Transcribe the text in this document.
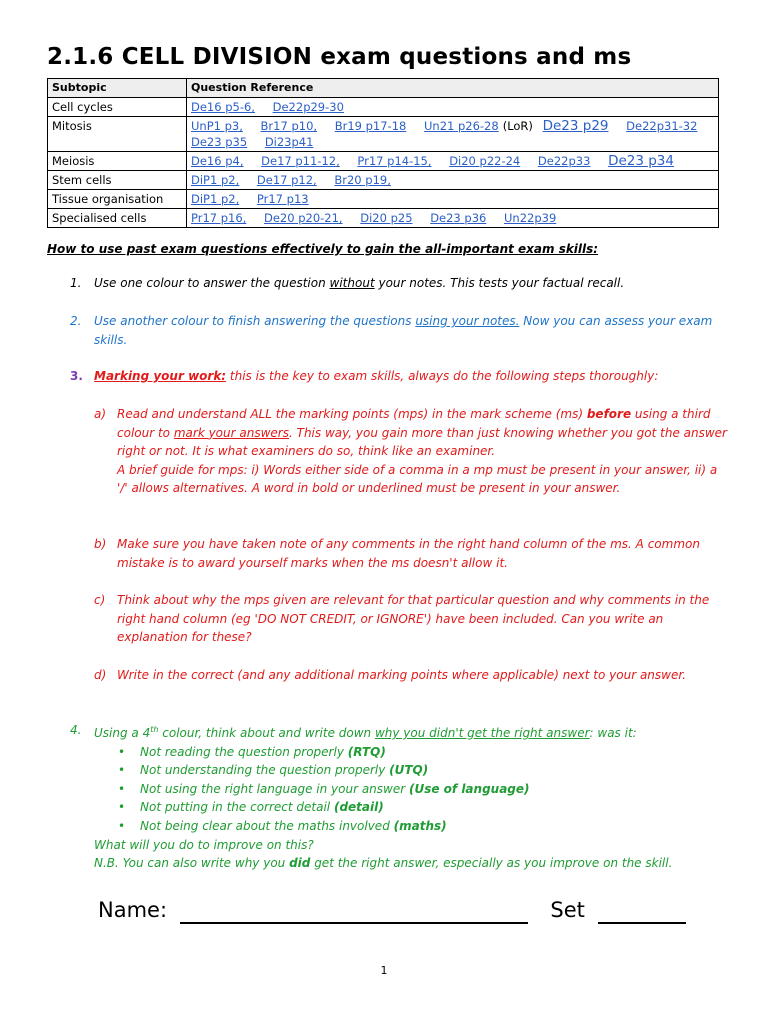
2.1.6 CELL DIVISION exam questions and ms
Subtopic	Question Reference
Cell cycles	De16 p5-6, De22p29-30
Mitosis	UnP1 p3, Br17 p10, Br19 p17-18 Un21 p26-28 (LoR) De23 p29 De22p31-32
De23 p35 Di23p41
Meiosis	De16 p4, De17 p11-12, Pr17 p14-15, Di20 p22-24 De22p33 De23 p34
Stem cells	DiP1 p2, De17 p12, Br20 p19,
Tissue organisation	DiP1 p2, Pr17 p13
Specialised cells	Pr17 p16, De20 p20-21, Di20 p25 De23 p36 Un22p39

How to use past exam questions effectively to gain the all-important exam skills:

1. Use one colour to answer the question without your notes. This tests your factual recall.

2. Use another colour to finish answering the questions using your notes. Now you can assess your exam skills.

3. Marking your work: this is the key to exam skills, always do the following steps thoroughly:

a) Read and understand ALL the marking points (mps) in the mark scheme (ms) before using a third colour to mark your answers. This way, you gain more than just knowing whether you got the answer right or not. It is what examiners do so, think like an examiner.
A brief guide for mps: i) Words either side of a comma in a mp must be present in your answer, ii) a '/' allows alternatives. A word in bold or underlined must be present in your answer.

b) Make sure you have taken note of any comments in the right hand column of the ms. A common mistake is to award yourself marks when the ms doesn't allow it.

c) Think about why the mps given are relevant for that particular question and why comments in the right hand column (eg 'DO NOT CREDIT, or IGNORE') have been included. Can you write an explanation for these?

d) Write in the correct (and any additional marking points where applicable) next to your answer.

4. Using a 4th colour, think about and write down why you didn't get the right answer: was it:
• Not reading the question properly (RTQ)
• Not understanding the question properly (UTQ)
• Not using the right language in your answer (Use of language)
• Not putting in the correct detail (detail)
• Not being clear about the maths involved (maths)
What will you do to improve on this?
N.B. You can also write why you did get the right answer, especially as you improve on the skill.
Name:	Set
1
